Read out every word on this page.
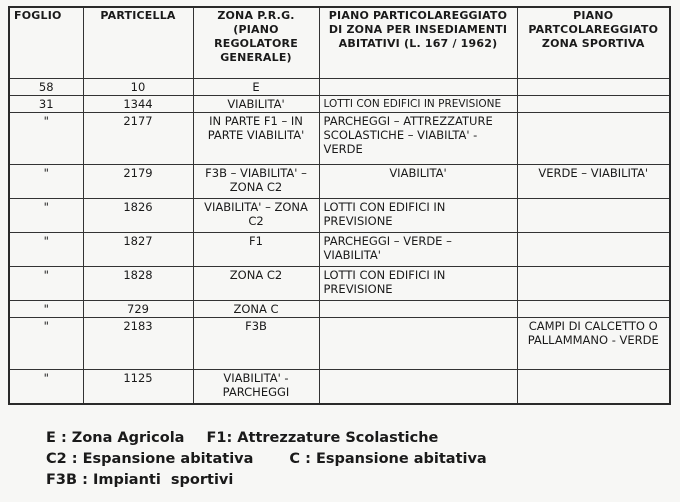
FOGLIO	PARTICELLA	ZONA P.R.G. (PIANO REGOLATORE GENERALE)	PIANO PARTICOLAREGGIATO DI ZONA PER INSEDIAMENTI ABITATIVI (L. 167 / 1962)	PIANO PARTCOLAREGGIATO ZONA SPORTIVA
58	10	E		
31	1344	VIABILITA'	LOTTI CON EDIFICI IN PREVISIONE	
"	2177	IN PARTE F1 – IN PARTE VIABILITA'	PARCHEGGI – ATTREZZATURE SCOLASTICHE – VIABILTA' - VERDE	
"	2179	F3B – VIABILITA' – ZONA C2	VIABILITA'	VERDE – VIABILITA'
"	1826	VIABILITA' – ZONA C2	LOTTI CON EDIFICI IN PREVISIONE	
"	1827	F1	PARCHEGGI – VERDE – VIABILITA'	
"	1828	ZONA C2	LOTTI CON EDIFICI IN PREVISIONE	
"	729	ZONA C		
"	2183	F3B		CAMPI DI CALCETTO O PALLAMMANO - VERDE
"	1125	VIABILITA' - PARCHEGGI		
E : Zona Agricola F1: Attrezzature Scolastiche
C2 : Espansione abitativa C : Espansione abitativa
F3B : Impianti  sportivi
